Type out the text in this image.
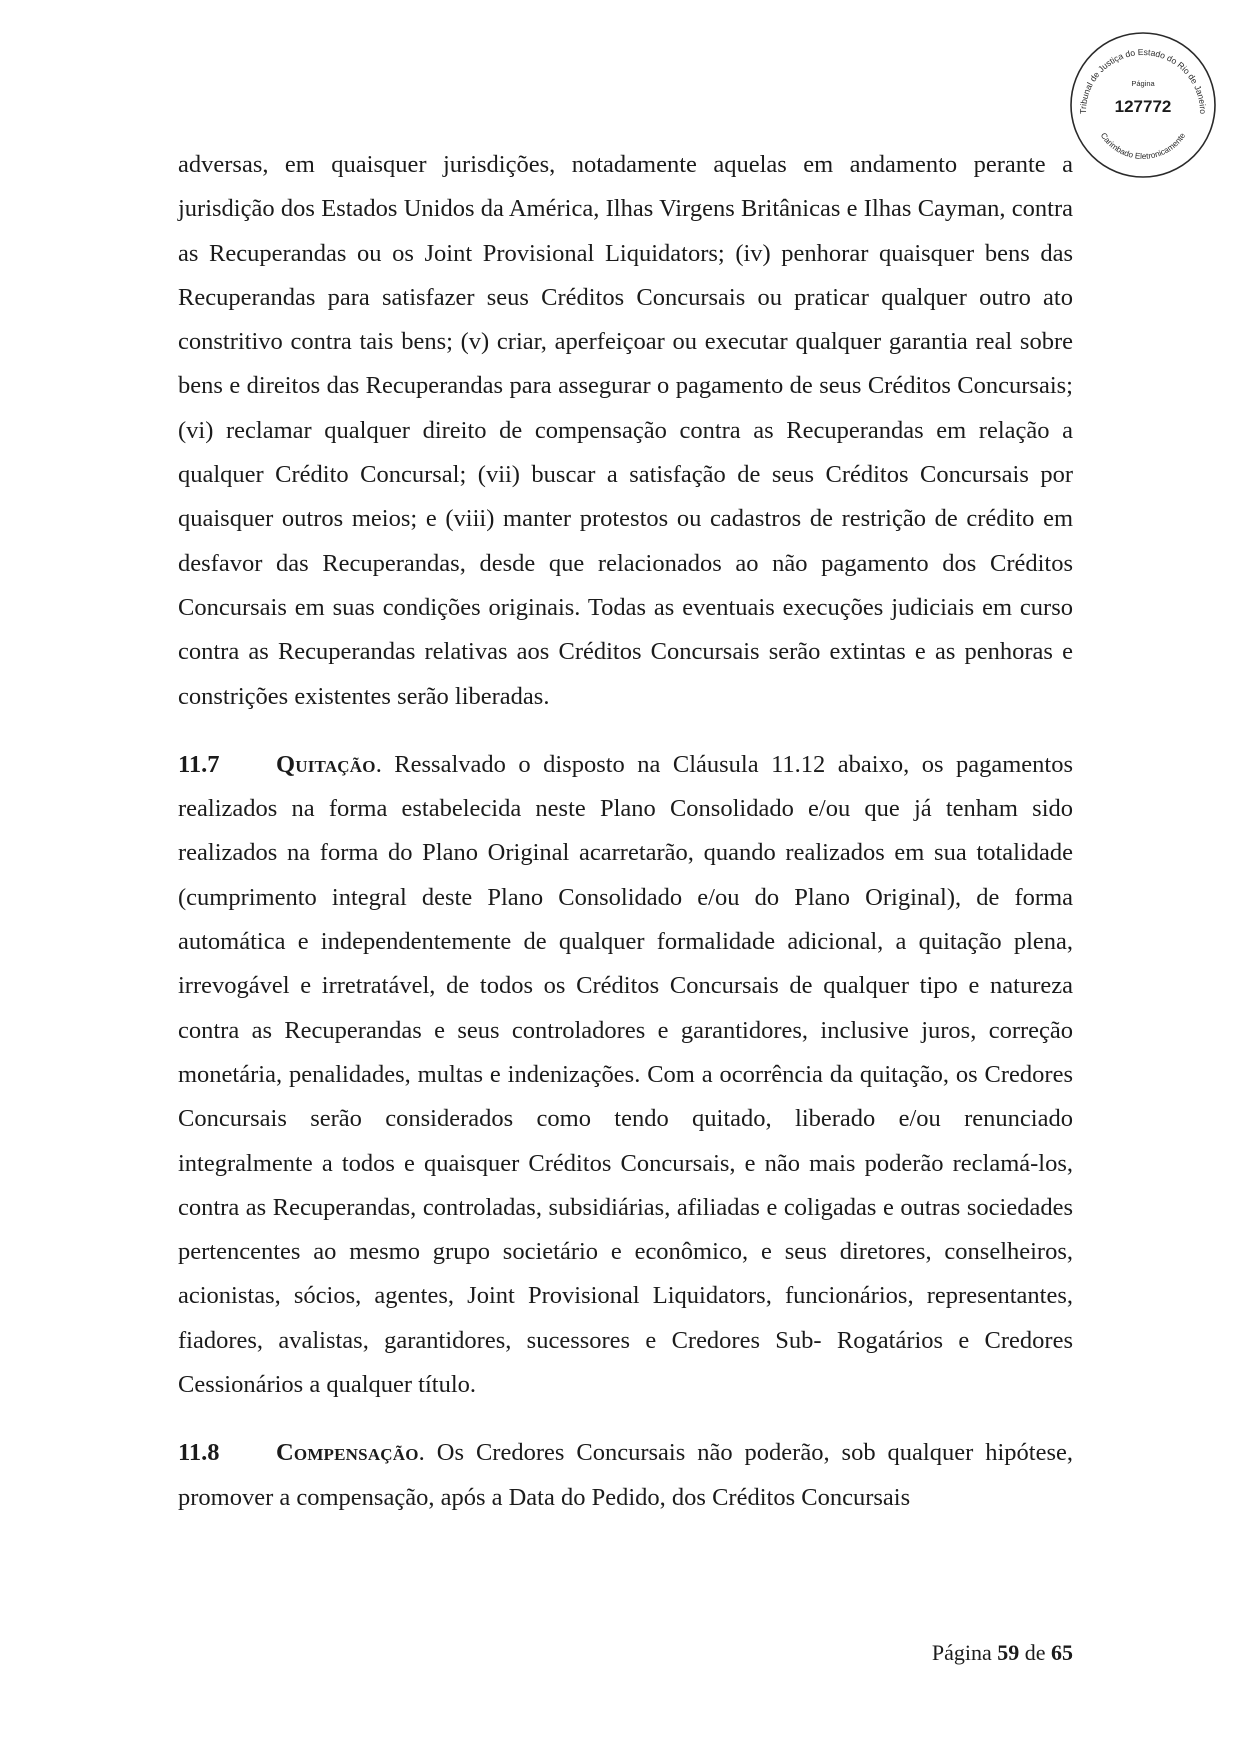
Tribunal de Justiça do Estado do Rio de Janeiro
Carimbado Eletronicamente
Página
127772

adversas, em quaisquer jurisdições, notadamente aquelas em andamento perante a jurisdição dos Estados Unidos da América, Ilhas Virgens Britânicas e Ilhas Cayman, contra as Recuperandas ou os Joint Provisional Liquidators; (iv) penhorar quaisquer bens das Recuperandas para satisfazer seus Créditos Concursais ou praticar qualquer outro ato constritivo contra tais bens; (v) criar, aperfeiçoar ou executar qualquer garantia real sobre bens e direitos das Recuperandas para assegurar o pagamento de seus Créditos Concursais; (vi) reclamar qualquer direito de compensação contra as Recuperandas em relação a qualquer Crédito Concursal; (vii) buscar a satisfação de seus Créditos Concursais por quaisquer outros meios; e (viii) manter protestos ou cadastros de restrição de crédito em desfavor das Recuperandas, desde que relacionados ao não pagamento dos Créditos Concursais em suas condições originais. Todas as eventuais execuções judiciais em curso contra as Recuperandas relativas aos Créditos Concursais serão extintas e as penhoras e constrições existentes serão liberadas.

11.7 Quitação. Ressalvado o disposto na Cláusula 11.12 abaixo, os pagamentos realizados na forma estabelecida neste Plano Consolidado e/ou que já tenham sido realizados na forma do Plano Original acarretarão, quando realizados em sua totalidade (cumprimento integral deste Plano Consolidado e/ou do Plano Original), de forma automática e independentemente de qualquer formalidade adicional, a quitação plena, irrevogável e irretratável, de todos os Créditos Concursais de qualquer tipo e natureza contra as Recuperandas e seus controladores e garantidores, inclusive juros, correção monetária, penalidades, multas e indenizações. Com a ocorrência da quitação, os Credores Concursais serão considerados como tendo quitado, liberado e/ou renunciado integralmente a todos e quaisquer Créditos Concursais, e não mais poderão reclamá-los, contra as Recuperandas, controladas, subsidiárias, afiliadas e coligadas e outras sociedades pertencentes ao mesmo grupo societário e econômico, e seus diretores, conselheiros, acionistas, sócios, agentes, Joint Provisional Liquidators, funcionários, representantes, fiadores, avalistas, garantidores, sucessores e Credores Sub- Rogatários e Credores Cessionários a qualquer título.

11.8 Compensação. Os Credores Concursais não poderão, sob qualquer hipótese, promover a compensação, após a Data do Pedido, dos Créditos Concursais

Página 59 de 65
